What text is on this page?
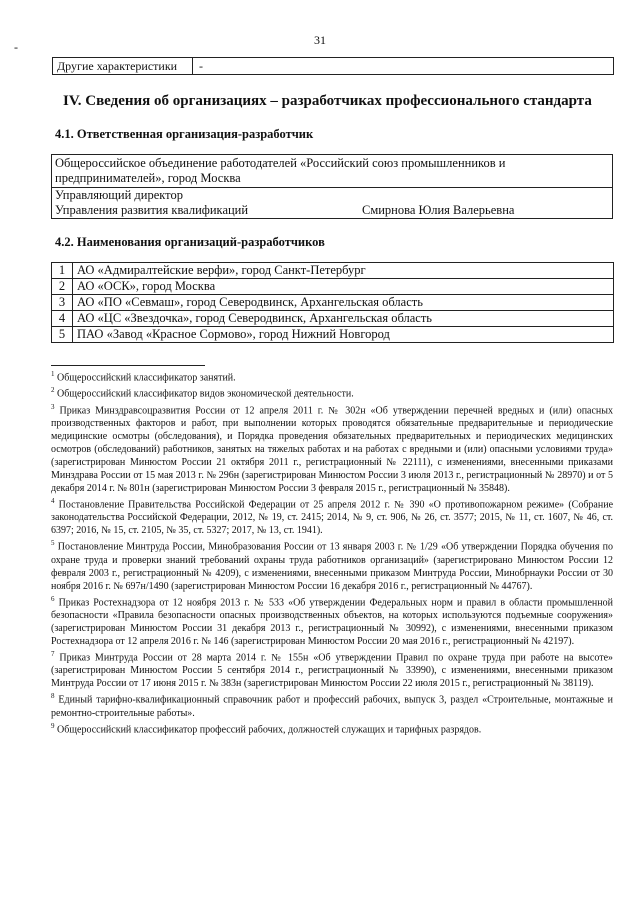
31
-
Другие характеристики	-
IV. Сведения об организациях – разработчиках профессионального стандарта
4.1. Ответственная организация-разработчик
Общероссийское объединение работодателей «Российский союз промышленников и
предпринимателей», город Москва
Управляющий директор
Управления развития квалификаций	Смирнова Юлия Валерьевна
4.2. Наименования организаций-разработчиков
1	АО «Адмиралтейские верфи», город Санкт-Петербург
2	АО «ОСК», город Москва
3	АО «ПО «Севмаш», город Северодвинск, Архангельская область
4	АО «ЦС «Звездочка», город Северодвинск, Архангельская область
5	ПАО «Завод «Красное Сормово», город Нижний Новгород

$^1$ Общероссийский классификатор занятий.

$^2$ Общероссийский классификатор видов экономической деятельности.

$^3$ Приказ Минздравсоцразвития России от 12 апреля 2011 г. № 302н «Об утверждении перечней вредных и (или) опасных производственных факторов и работ, при выполнении которых проводятся обязательные предварительные и периодические медицинские осмотры (обследования), и Порядка проведения обязательных предварительных и периодических медицинских осмотров (обследований) работников, занятых на тяжелых работах и на работах с вредными и (или) опасными условиями труда» (зарегистрирован Минюстом России 21 октября 2011 г., регистрационный № 22111), с изменениями, внесенными приказами Минздрава России от 15 мая 2013 г. № 296н (зарегистрирован Минюстом России 3 июля 2013 г., регистрационный № 28970) и от 5 декабря 2014 г. № 801н (зарегистрирован Минюстом России 3 февраля 2015 г., регистрационный № 35848).

$^4$ Постановление Правительства Российской Федерации от 25 апреля 2012 г. № 390 «О противопожарном режиме» (Собрание законодательства Российской Федерации, 2012, № 19, ст. 2415; 2014, № 9, ст. 906, № 26, ст. 3577; 2015, № 11, ст. 1607, № 46, ст. 6397; 2016, № 15, ст. 2105, № 35, ст. 5327; 2017, № 13, ст. 1941).

$^5$ Постановление Минтруда России, Минобразования России от 13 января 2003 г. № 1/29 «Об утверждении Порядка обучения по охране труда и проверки знаний требований охраны труда работников организаций» (зарегистрировано Минюстом России 12 февраля 2003 г., регистрационный № 4209), с изменениями, внесенными приказом Минтруда России, Минобрнауки России от 30 ноября 2016 г. № 697н/1490 (зарегистрирован Минюстом России 16 декабря 2016 г., регистрационный № 44767).

$^6$ Приказ Ростехнадзора от 12 ноября 2013 г. № 533 «Об утверждении Федеральных норм и правил в области промышленной безопасности «Правила безопасности опасных производственных объектов, на которых используются подъемные сооружения» (зарегистрирован Минюстом России 31 декабря 2013 г., регистрационный № 30992), с изменениями, внесенными приказом Ростехнадзора от 12 апреля 2016 г. № 146 (зарегистрирован Минюстом России 20 мая 2016 г., регистрационный № 42197).

$^7$ Приказ Минтруда России от 28 марта 2014 г. № 155н «Об утверждении Правил по охране труда при работе на высоте» (зарегистрирован Минюстом России 5 сентября 2014 г., регистрационный № 33990), с изменениями, внесенными приказом Минтруда России от 17 июня 2015 г. № 383н (зарегистрирован Минюстом России 22 июля 2015 г., регистрационный № 38119).

$^8$ Единый тарифно-квалификационный справочник работ и профессий рабочих, выпуск 3, раздел «Строительные, монтажные и ремонтно-строительные работы».

$^9$ Общероссийский классификатор профессий рабочих, должностей служащих и тарифных разрядов.
